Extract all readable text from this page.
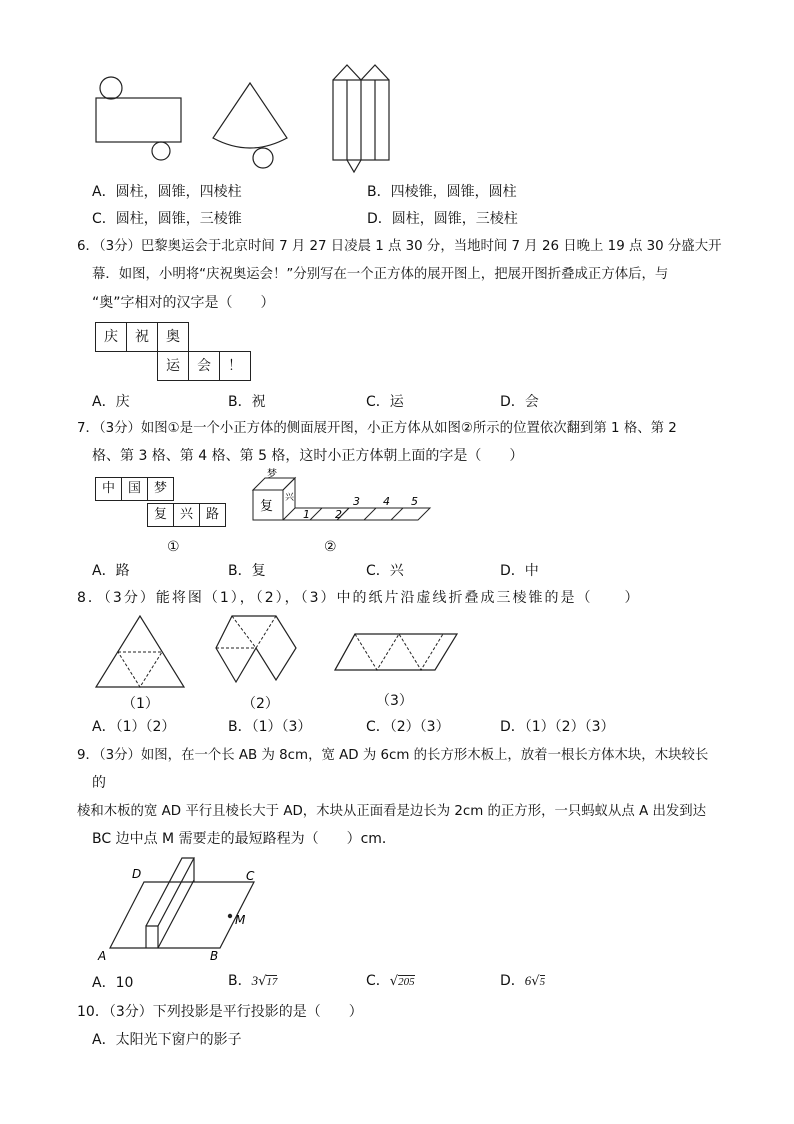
A．圆柱，圆锥，四棱柱	B．四棱锥，圆锥，圆柱
C．圆柱，圆锥，三棱锥	D．圆柱，圆锥，三棱柱
6．（3分）巴黎奥运会于北京时间 7 月 27 日凌晨 1 点 30 分，当地时间 7 月 26 日晚上 19 点 30 分盛大开
幕．如图，小明将“庆祝奥运会！”分别写在一个正方体的展开图上，把展开图折叠成正方体后，与
“奥”字相对的汉字是（　　）
庆	祝	奥
运	会	！
A．庆	B．祝	C．运	D．会
7．（3分）如图①是一个小正方体的侧面展开图，小正方体从如图②所示的位置依次翻到第 1 格、第 2
格、第 3 格、第 4 格、第 5 格，这时小正方体朝上面的字是（　　）
中 国 梦
复 兴 路
①
梦
复
兴
1 2
3 4 5
②
A．路	B．复	C．兴	D．中
8．（3分）能将图（1），（2），（3）中的纸片沿虚线折叠成三棱锥的是（　　）
（1）	（2）	（3）
A．（1）（2）	B．（1）（3）	C．（2）（3）	D．（1）（2）（3）
9．（3分）如图，在一个长 AB 为 8cm，宽 AD 为 6cm 的长方形木板上，放着一根长方体木块，木块较长
的
棱和木板的宽 AD 平行且棱长大于 AD，木块从正面看是边长为 2cm 的正方形，一只蚂蚁从点 A 出发到达
BC 边中点 M 需要走的最短路程为（　　）cm．
D	C
M
A	B
A．10	B．3√17	C．√205	D．6√5
10．（3分）下列投影是平行投影的是（　　）
A．太阳光下窗户的影子
